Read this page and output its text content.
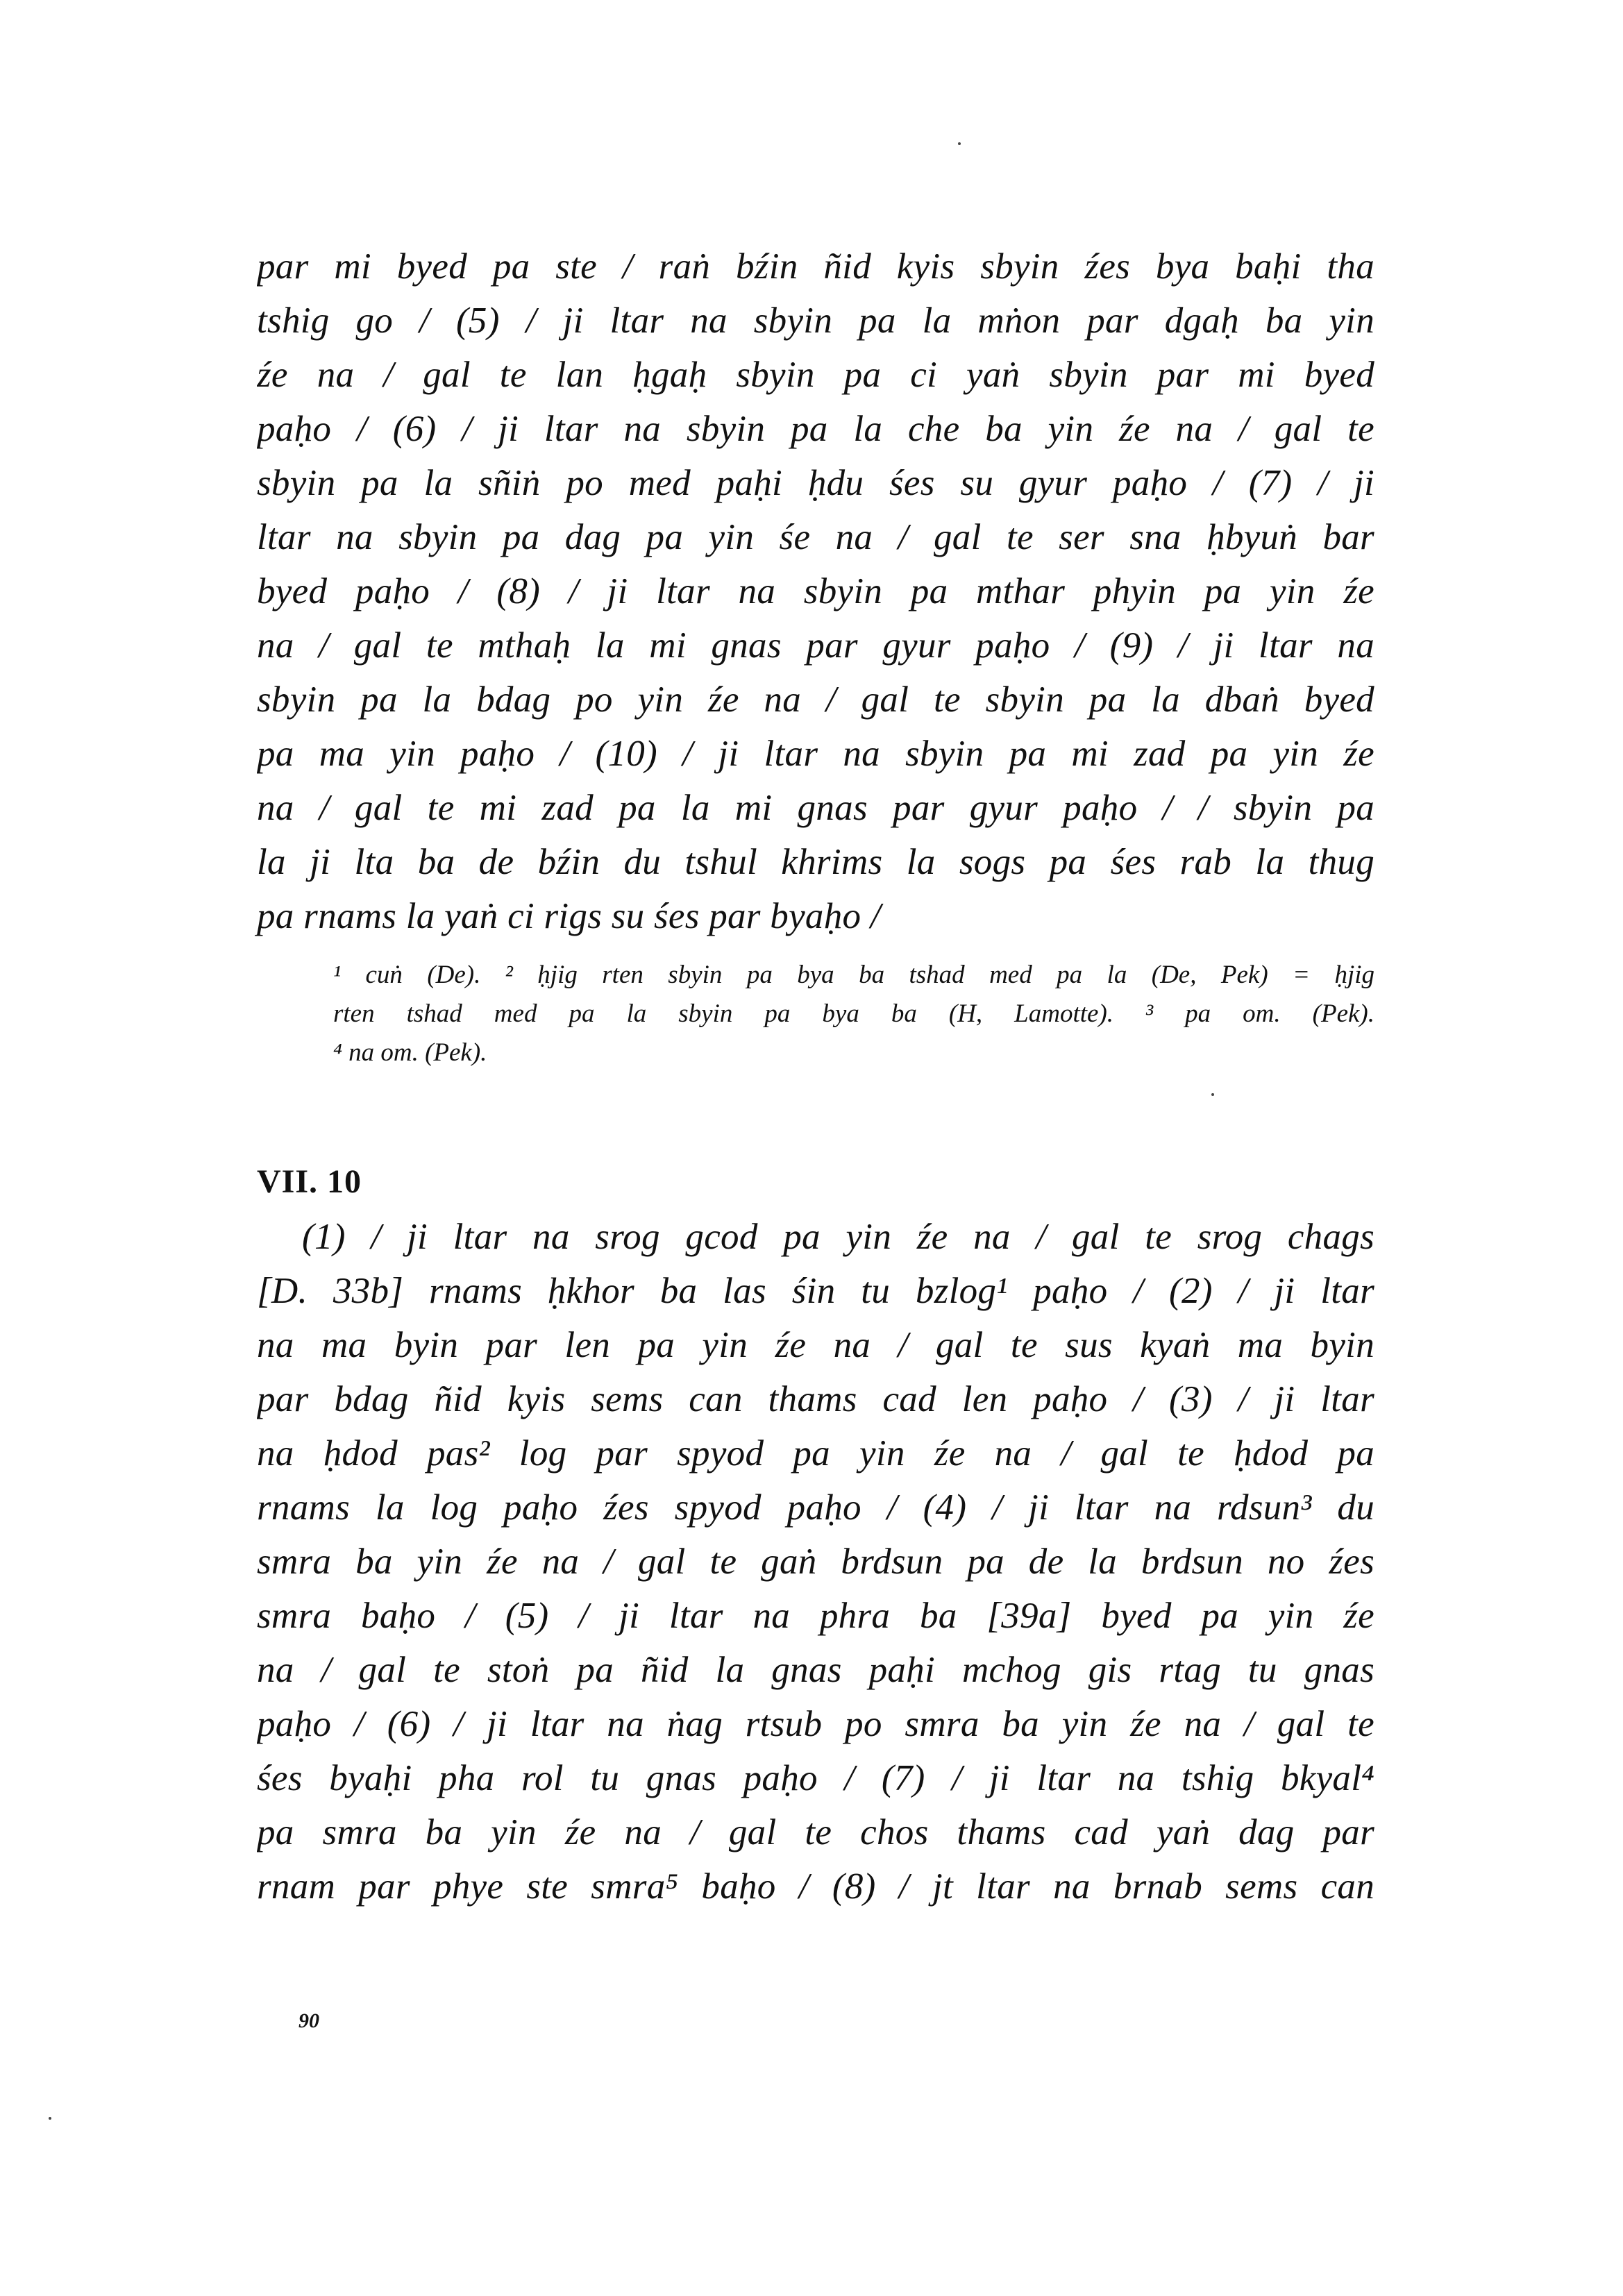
par mi byed pa ste / raṅ bźin ñid kyis sbyin źes bya baḥi tha
tshig go / (5) / ji ltar na sbyin pa la mṅon par dgaḥ ba yin
źe na / gal te lan ḥgaḥ sbyin pa ci yaṅ sbyin par mi byed
paḥo / (6) / ji ltar na sbyin pa la che ba yin źe na / gal te
sbyin pa la sñiṅ po med paḥi ḥdu śes su gyur paḥo / (7) / ji
ltar na sbyin pa dag pa yin śe na / gal te ser sna ḥbyuṅ bar
byed paḥo / (8) / ji ltar na sbyin pa mthar phyin pa yin źe
na / gal te mthaḥ la mi gnas par gyur paḥo / (9) / ji ltar na
sbyin pa la bdag po yin źe na / gal te sbyin pa la dbaṅ byed
pa ma yin paḥo / (10) / ji ltar na sbyin pa mi zad pa yin źe
na / gal te mi zad pa la mi gnas par gyur paḥo / / sbyin pa
la ji lta ba de bźin du tshul khrims la sogs pa śes rab la thug
pa rnams la yaṅ ci rigs su śes par byaḥo /
¹ cuṅ (De). ² ḥjig rten sbyin pa bya ba tshad med pa la (De, Pek) = ḥjig
rten tshad med pa la sbyin pa bya ba (H, Lamotte). ³ pa om. (Pek).
⁴ na om. (Pek).
VII. 10
(1) / ji ltar na srog gcod pa yin źe na / gal te srog chags
[D. 33b] rnams ḥkhor ba las śin tu bzlog¹ paḥo / (2) / ji ltar
na ma byin par len pa yin źe na / gal te sus kyaṅ ma byin
par bdag ñid kyis sems can thams cad len paḥo / (3) / ji ltar
na ḥdod pas² log par spyod pa yin źe na / gal te ḥdod pa
rnams la log paḥo źes spyod paḥo / (4) / ji ltar na rdsun³ du
smra ba yin źe na / gal te gaṅ brdsun pa de la brdsun no źes
smra baḥo / (5) / ji ltar na phra ba [39a] byed pa yin źe
na / gal te stoṅ pa ñid la gnas paḥi mchog gis rtag tu gnas
paḥo / (6) / ji ltar na ṅag rtsub po smra ba yin źe na / gal te
śes byaḥi pha rol tu gnas paḥo / (7) / ji ltar na tshig bkyal⁴
pa smra ba yin źe na / gal te chos thams cad yaṅ dag par
rnam par phye ste smra⁵ baḥo / (8) / jt ltar na brnab sems can
90
